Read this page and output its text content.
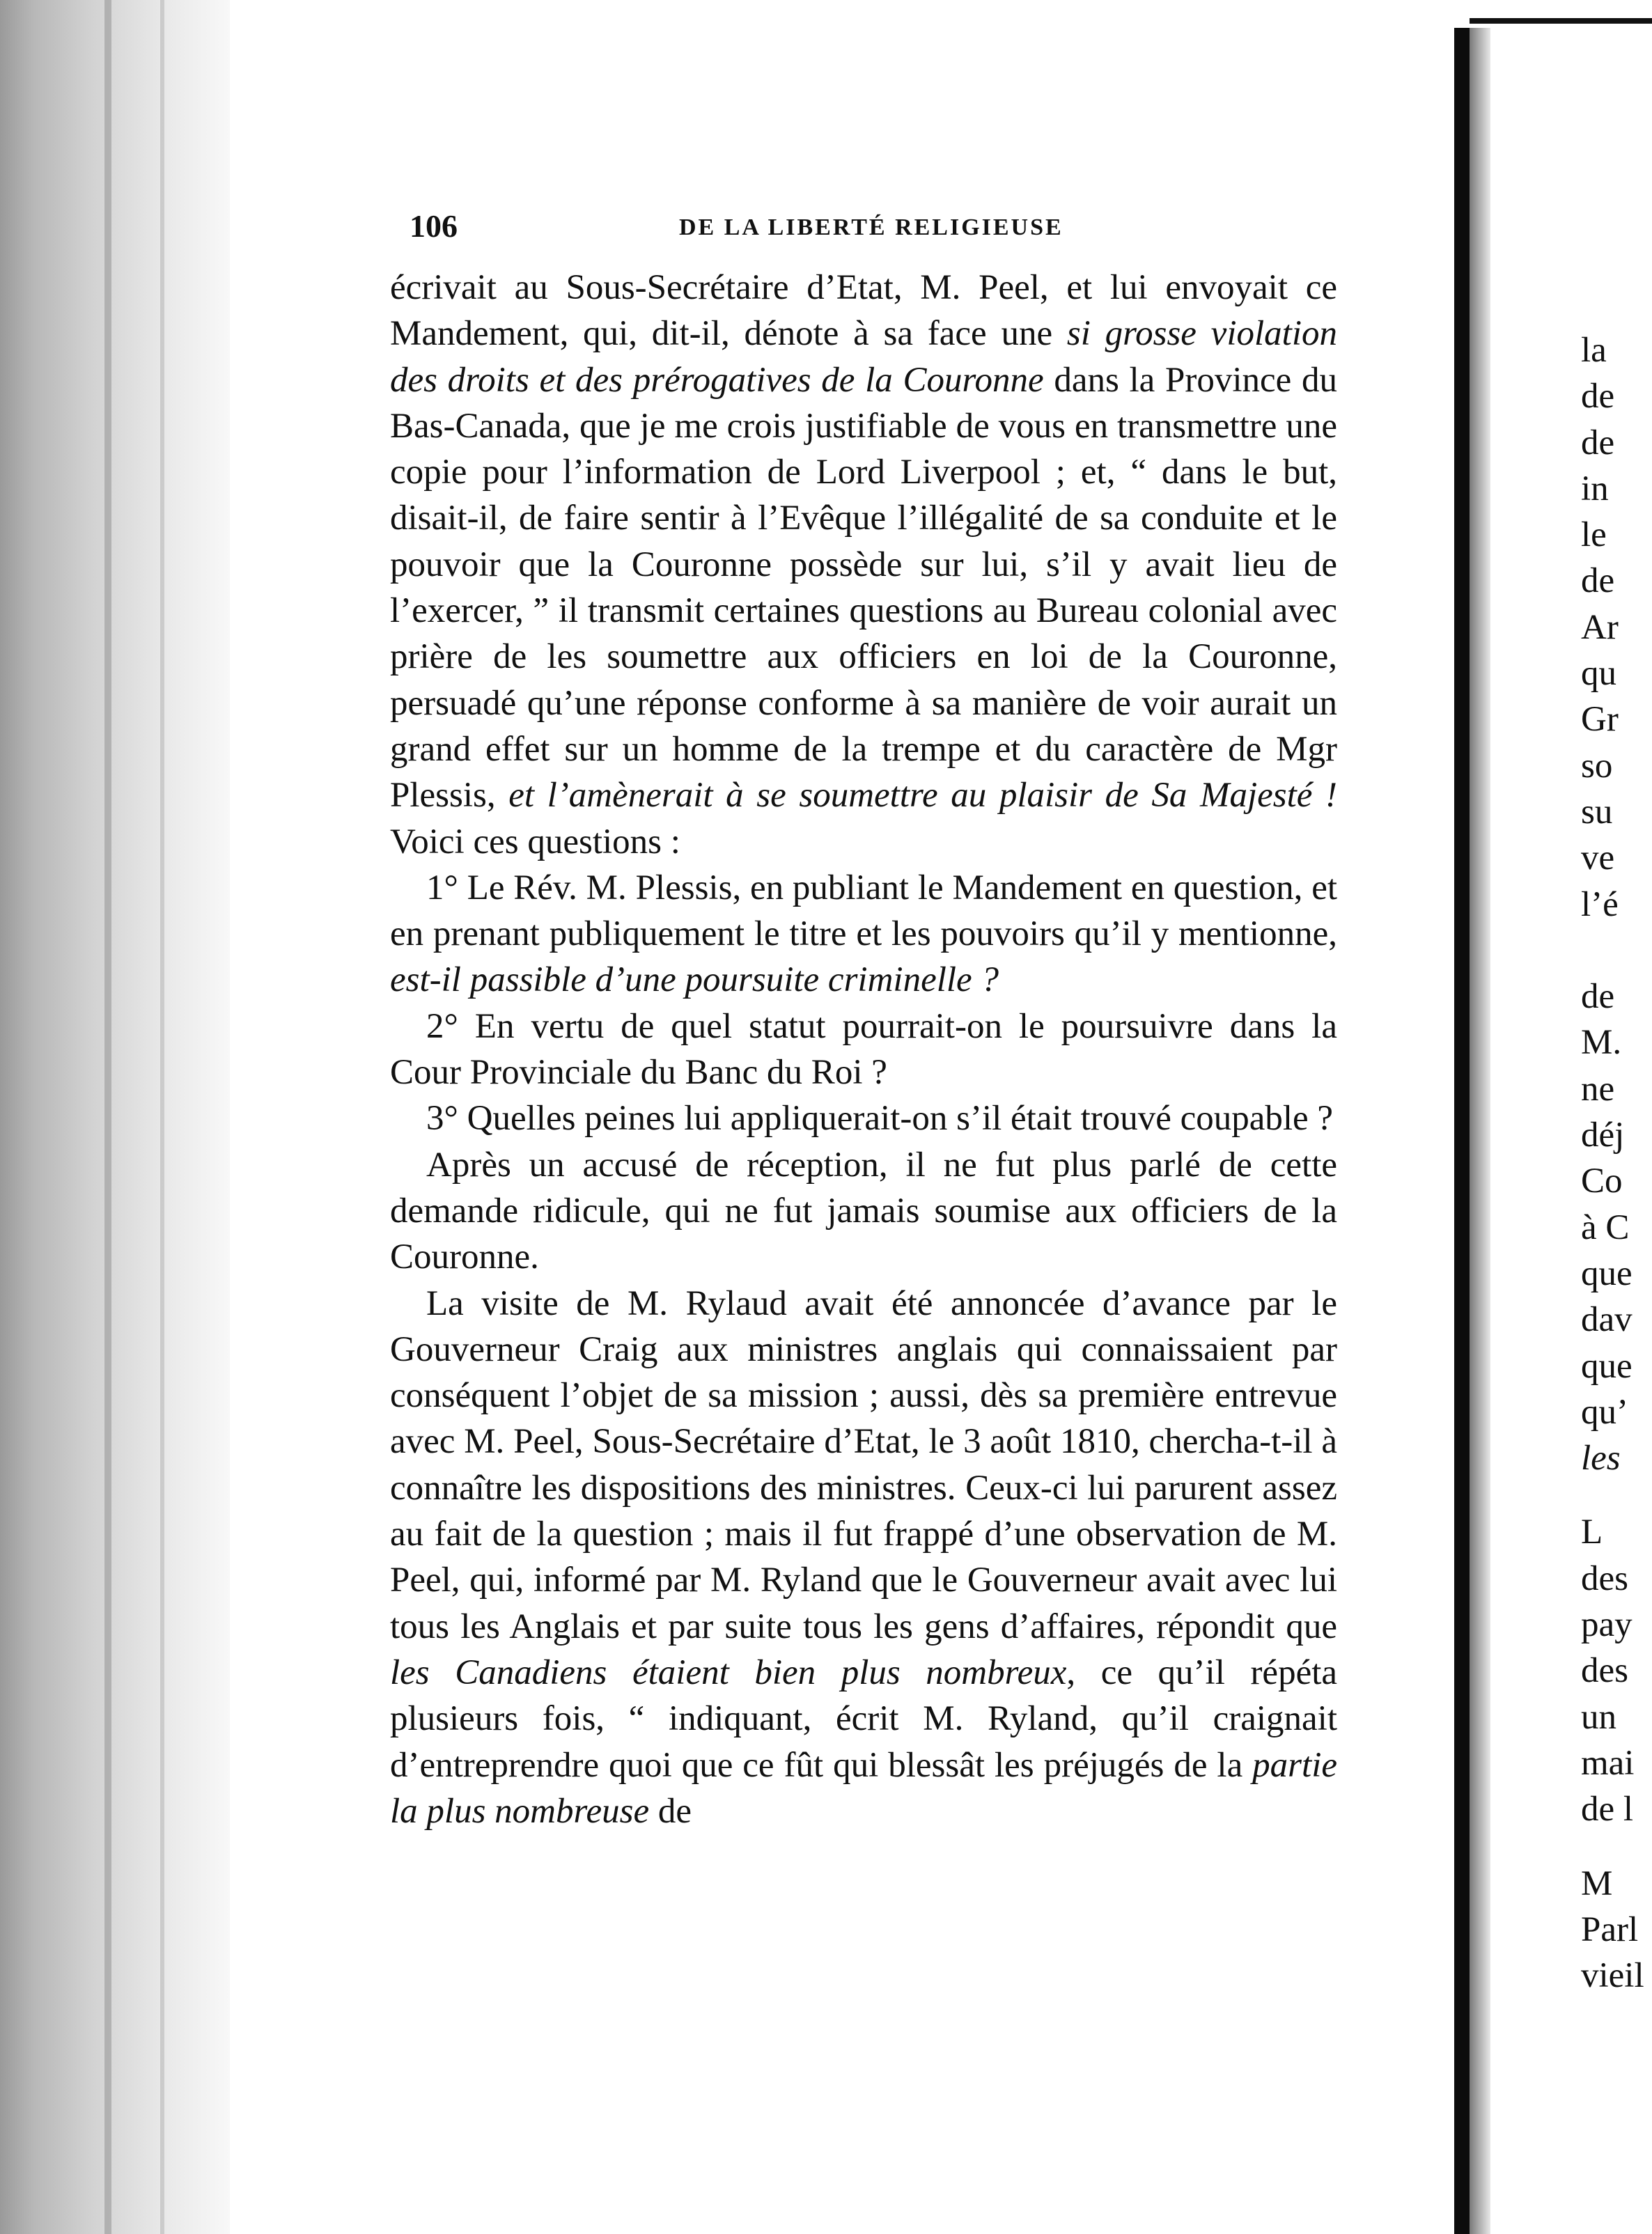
106	DE LA LIBERTÉ RELIGIEUSE

écrivait au Sous-Secrétaire d’Etat, M. Peel, et lui envoyait ce Mandement, qui, dit-il, dénote à sa face une si grosse violation des droits et des prérogatives de la Couronne dans la Province du Bas-Canada, que je me crois justifiable de vous en transmettre une copie pour l’information de Lord Liverpool ; et, “ dans le but, disait-il, de faire sentir à l’Evêque l’illégalité de sa conduite et le pouvoir que la Couronne possède sur lui, s’il y avait lieu de l’exercer, ” il transmit certaines questions au Bureau colonial avec prière de les soumettre aux officiers en loi de la Couronne, persuadé qu’une réponse conforme à sa manière de voir aurait un grand effet sur un homme de la trempe et du caractère de Mgr Plessis, et l’amènerait à se soumettre au plaisir de Sa Majesté ! Voici ces questions :

1° Le Rév. M. Plessis, en publiant le Mandement en question, et en prenant publiquement le titre et les pouvoirs qu’il y mentionne, est-il passible d’une poursuite criminelle ?

2° En vertu de quel statut pourrait-on le poursuivre dans la Cour Provinciale du Banc du Roi ?

3° Quelles peines lui appliquerait-on s’il était trouvé coupable ?

Après un accusé de réception, il ne fut plus parlé de cette demande ridicule, qui ne fut jamais soumise aux officiers de la Couronne.

La visite de M. Rylaud avait été annoncée d’avance par le Gouverneur Craig aux ministres anglais qui connaissaient par conséquent l’objet de sa mission ; aussi, dès sa première entrevue avec M. Peel, Sous-Secrétaire d’Etat, le 3 août 1810, chercha-t-il à connaître les dispositions des ministres. Ceux-ci lui parurent assez au fait de la question ; mais il fut frappé d’une observation de M. Peel, qui, informé par M. Ryland que le Gouverneur avait avec lui tous les Anglais et par suite tous les gens d’affaires, répondit que les Canadiens étaient bien plus nombreux, ce qu’il répéta plusieurs fois, “ indiquant, écrit M. Ryland, qu’il craignait d’entreprendre quoi que ce fût qui blessât les préjugés de la partie la plus nombreuse de

la
de
de
in
le
de
Ar
qu
Gr
so
su
ve
l’é
de
M.
ne
déj
Co
à C
que
dav
que
qu’
les
L
des
pay
des
un
mai
de l
M
Parl
vieil
